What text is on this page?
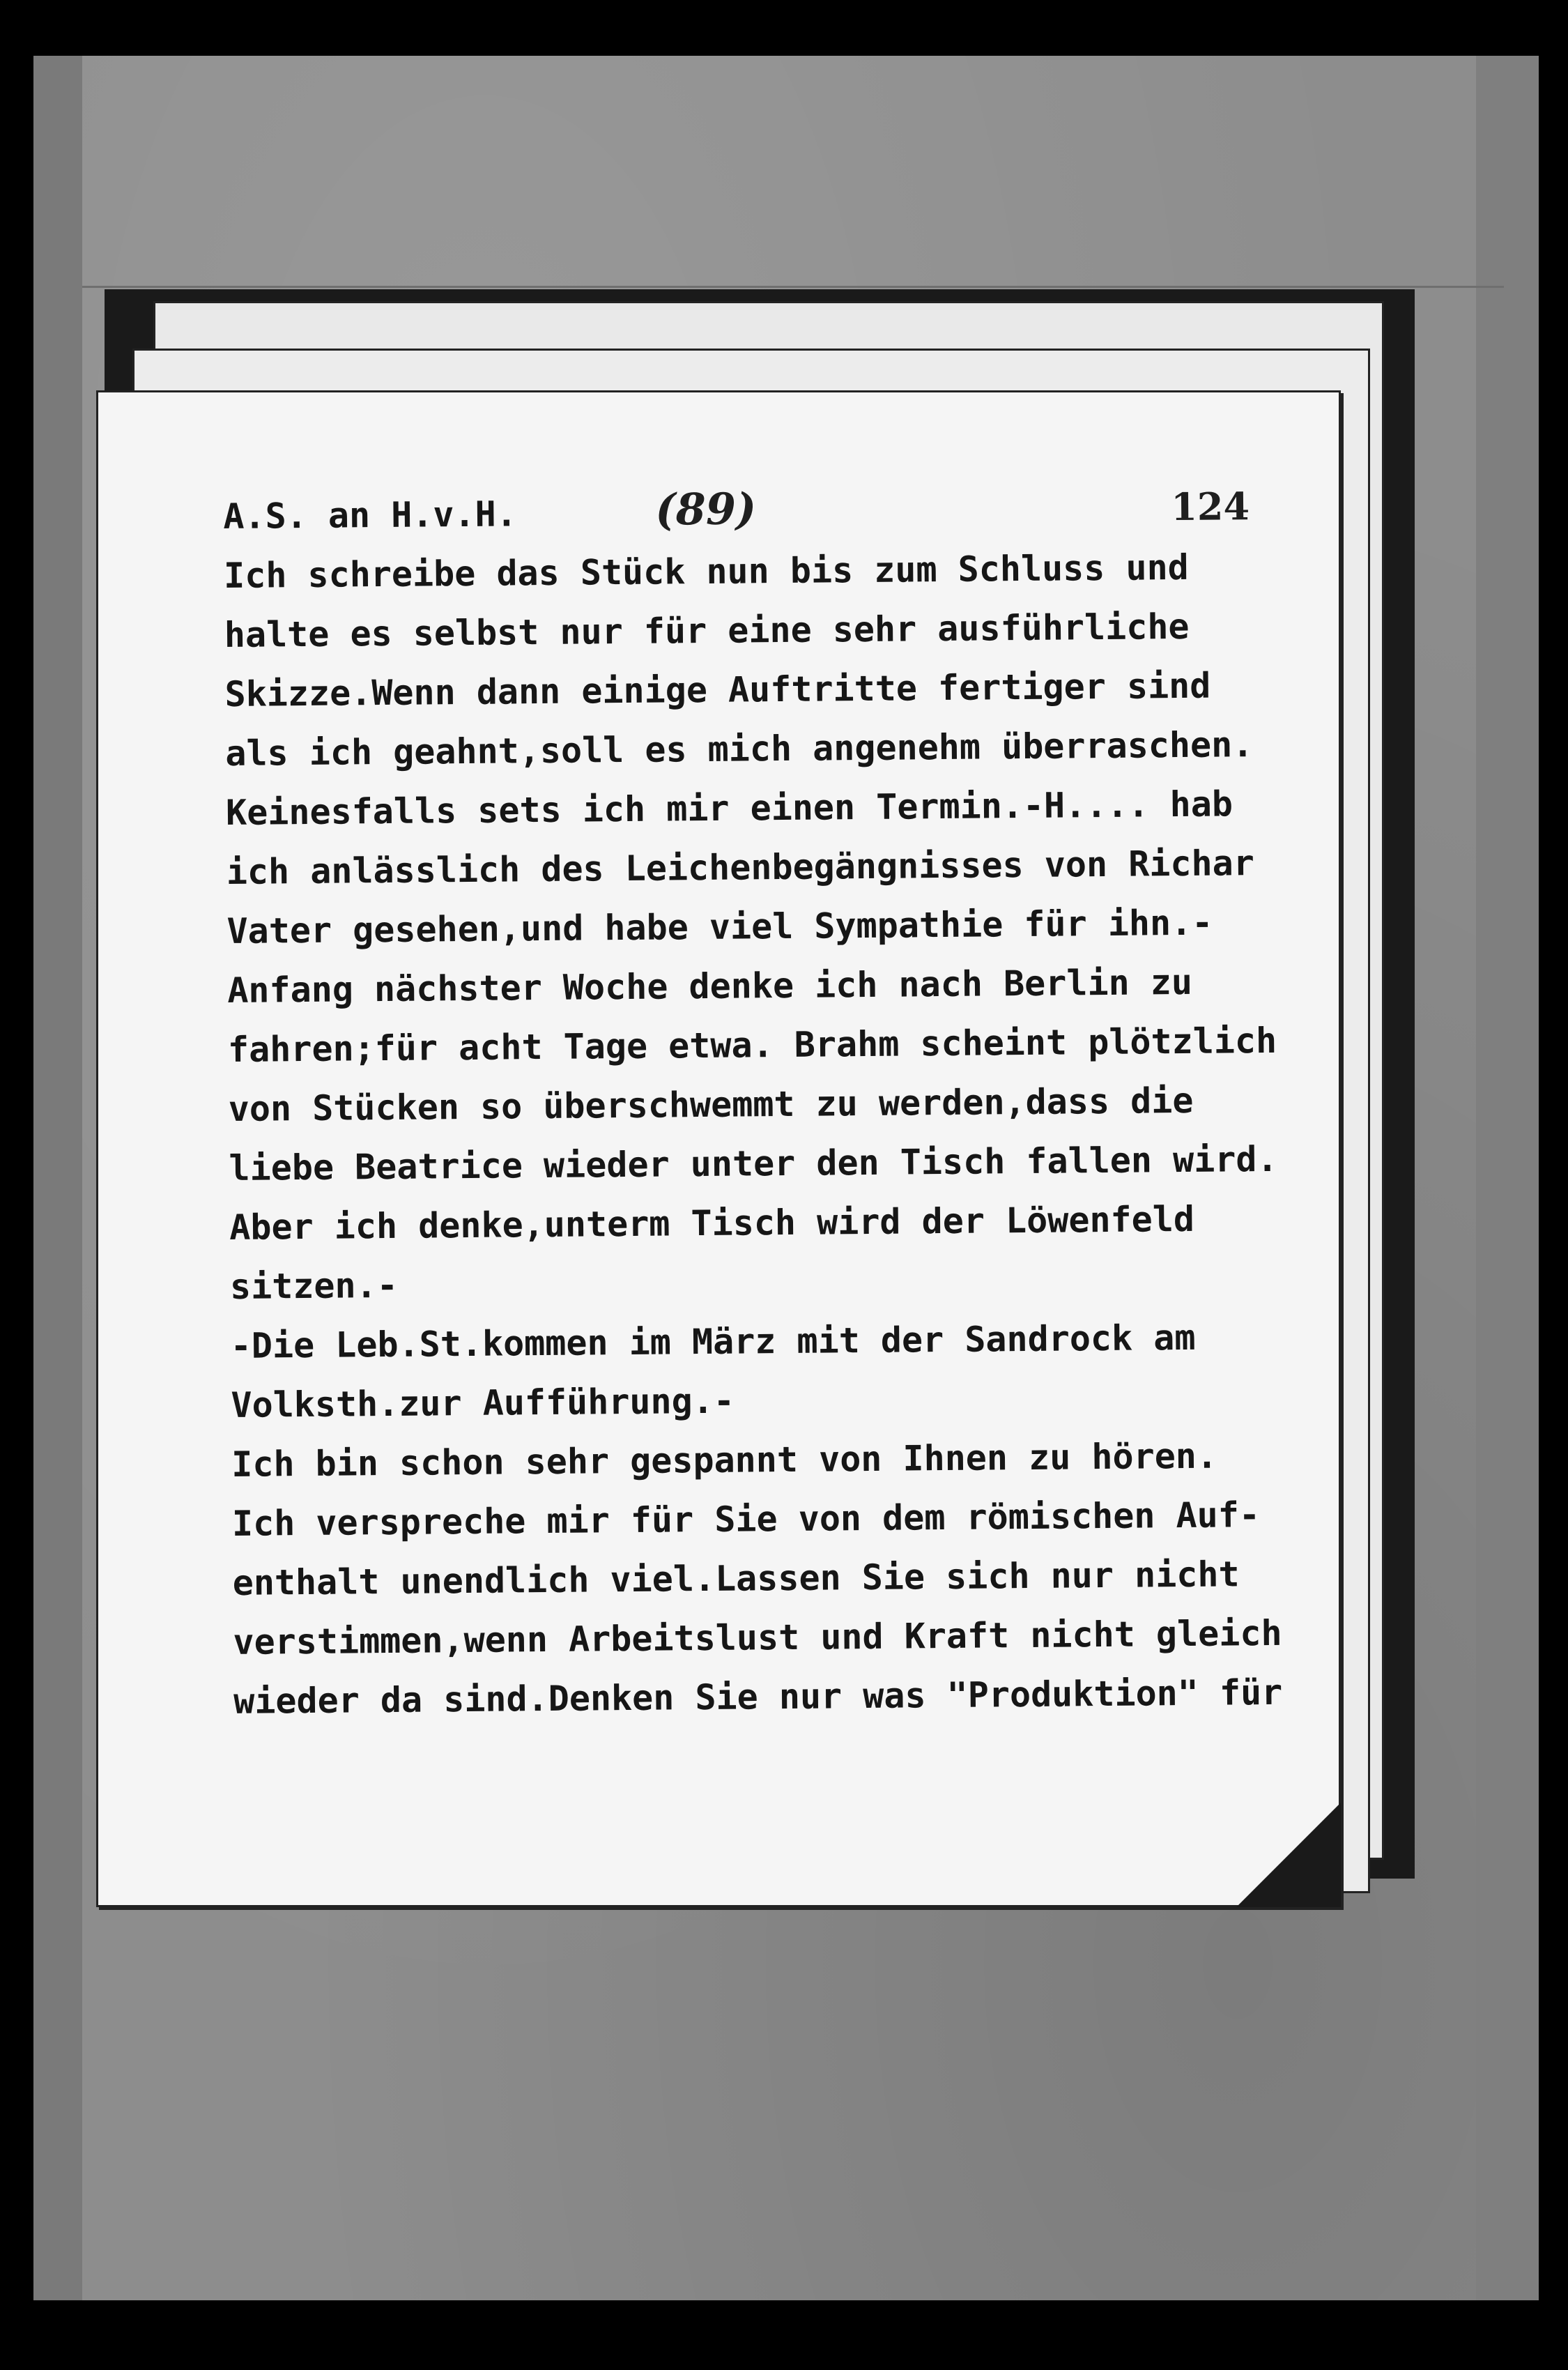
A.S. an H.v.H.	(89)	124
Ich schreibe das Stück nun bis zum Schluss und
halte es selbst nur für eine sehr ausführliche
Skizze.Wenn dann einige Auftritte fertiger sind
als ich geahnt,soll es mich angenehm überraschen.
Keinesfalls sets ich mir einen Termin.-H.... hab
ich anlässlich des Leichenbegängnisses von Richar
Vater gesehen,und habe viel Sympathie für ihn.-
Anfang nächster Woche denke ich nach Berlin zu
fahren;für acht Tage etwa. Brahm scheint plötzlich
von Stücken so überschwemmt zu werden,dass die
liebe Beatrice wieder unter den Tisch fallen wird.
Aber ich denke,unterm Tisch wird der Löwenfeld
sitzen.-
-Die Leb.St.kommen im März mit der Sandrock am
Volksth.zur Aufführung.-
Ich bin schon sehr gespannt von Ihnen zu hören.
Ich verspreche mir für Sie von dem römischen Auf-
enthalt unendlich viel.Lassen Sie sich nur nicht
verstimmen,wenn Arbeitslust und Kraft nicht gleich
wieder da sind.Denken Sie nur was "Produktion" für
